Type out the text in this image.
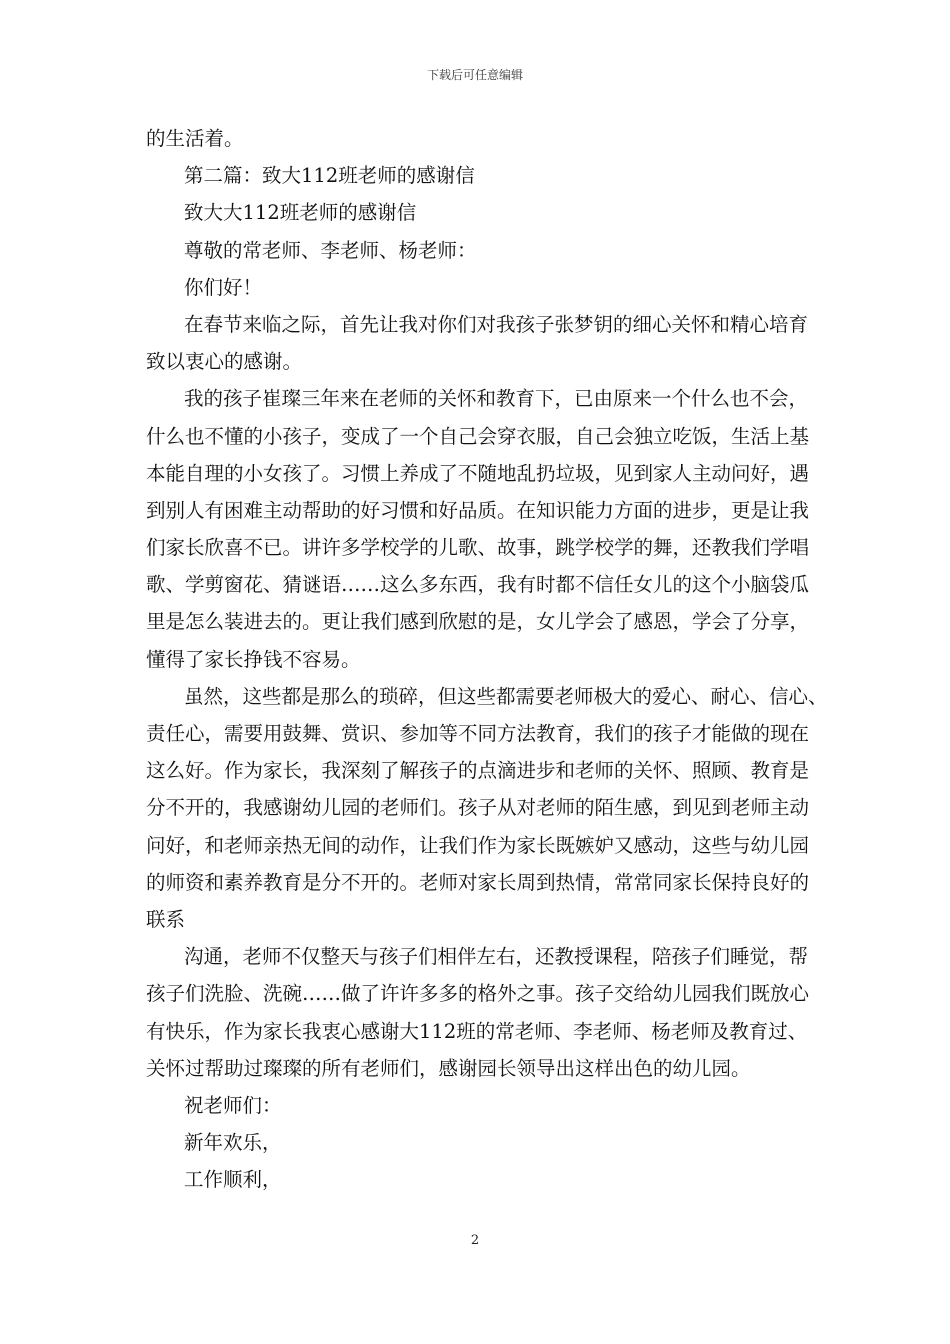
下载后可任意编辑

的生活着。

第二篇：致大112班老师的感谢信

致大大112班老师的感谢信

尊敬的常老师、李老师、杨老师：

你们好！

在春节来临之际，首先让我对你们对我孩子张梦钥的细心关怀和精心培育

致以衷心的感谢。

我的孩子崔璨三年来在老师的关怀和教育下，已由原来一个什么也不会，

什么也不懂的小孩子，变成了一个自己会穿衣服，自己会独立吃饭，生活上基

本能自理的小女孩了。习惯上养成了不随地乱扔垃圾，见到家人主动问好，遇

到别人有困难主动帮助的好习惯和好品质。在知识能力方面的进步，更是让我

们家长欣喜不已。讲许多学校学的儿歌、故事，跳学校学的舞，还教我们学唱

歌、学剪窗花、猜谜语……这么多东西，我有时都不信任女儿的这个小脑袋瓜

里是怎么装进去的。更让我们感到欣慰的是，女儿学会了感恩，学会了分享，

懂得了家长挣钱不容易。

虽然，这些都是那么的琐碎，但这些都需要老师极大的爱心、耐心、信心、

责任心，需要用鼓舞、赏识、参加等不同方法教育，我们的孩子才能做的现在

这么好。作为家长，我深刻了解孩子的点滴进步和老师的关怀、照顾、教育是

分不开的，我感谢幼儿园的老师们。孩子从对老师的陌生感，到见到老师主动

问好，和老师亲热无间的动作，让我们作为家长既嫉妒又感动，这些与幼儿园

的师资和素养教育是分不开的。老师对家长周到热情，常常同家长保持良好的

联系

沟通，老师不仅整天与孩子们相伴左右，还教授课程，陪孩子们睡觉，帮

孩子们洗脸、洗碗……做了许许多多的格外之事。孩子交给幼儿园我们既放心

有快乐，作为家长我衷心感谢大112班的常老师、李老师、杨老师及教育过、

关怀过帮助过璨璨的所有老师们，感谢园长领导出这样出色的幼儿园。

祝老师们：

新年欢乐，

工作顺利，

2
